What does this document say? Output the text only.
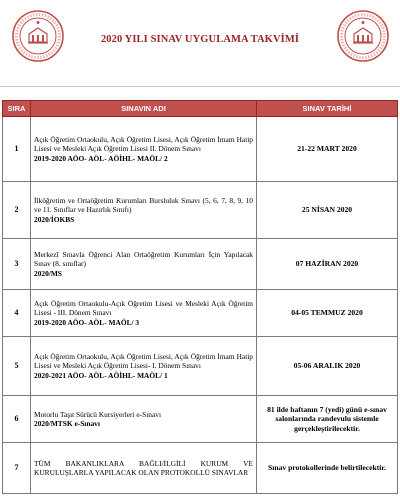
2020 YILI SINAV UYGULAMA TAKVİMİ
SIRA	SINAVIN ADI	SINAV TARİHİ
1	Açık Öğretim Ortaokulu, Açık Öğretim Lisesi, Açık Öğretim İmam Hatip Lisesi ve Mesleki Açık Öğretim Lisesi II. Dönem Sınavı
2019-2020 AÖO- AÖL- AÖİHL- MAÖL/ 2	21-22 MART 2020
2	İlköğretim ve Ortaöğretim Kurumları Bursluluk Sınavı (5, 6, 7, 8, 9, 10 ve 11. Sınıflar ve Hazırlık Sınıfı)
2020/İOKBS	25 NİSAN 2020
3	Merkezî Sınavla Öğrenci Alan Ortaöğretim Kurumları İçin Yapılacak Sınav (8. sınıflar)
2020/MS	07 HAZİRAN 2020
4	Açık Öğretim Ortaokulu-Açık Öğretim Lisesi ve Mesleki Açık Öğretim Lisesi - III. Dönem Sınavı
2019-2020 AÖO- AÖL- MAÖL/ 3	04-05 TEMMUZ 2020
5	Açık Öğretim Ortaokulu, Açık Öğretim Lisesi, Açık Öğretim İmam Hatip Lisesi ve Mesleki Açık Öğretim Lisesi- I. Dönem Sınavı
2020-2021 AÖO- AÖL- AÖİHL- MAÖL/ 1	05-06 ARALIK 2020
6	Motorlu Taşıt Sürücü Kursiyerleri e-Sınavı
2020/MTSK e-Sınavı	81 ilde haftanın 7 (yedi) günü e-sınav salonlarında randevulu sistemle gerçekleştirilecektir.
7	TÜM BAKANLIKLARA BAĞLI/İLGİLİ KURUM VE KURULUŞLARLA YAPILACAK OLAN PROTOKOLLÜ SINAVLAR	Sınav protokollerinde belirtilecektir.
